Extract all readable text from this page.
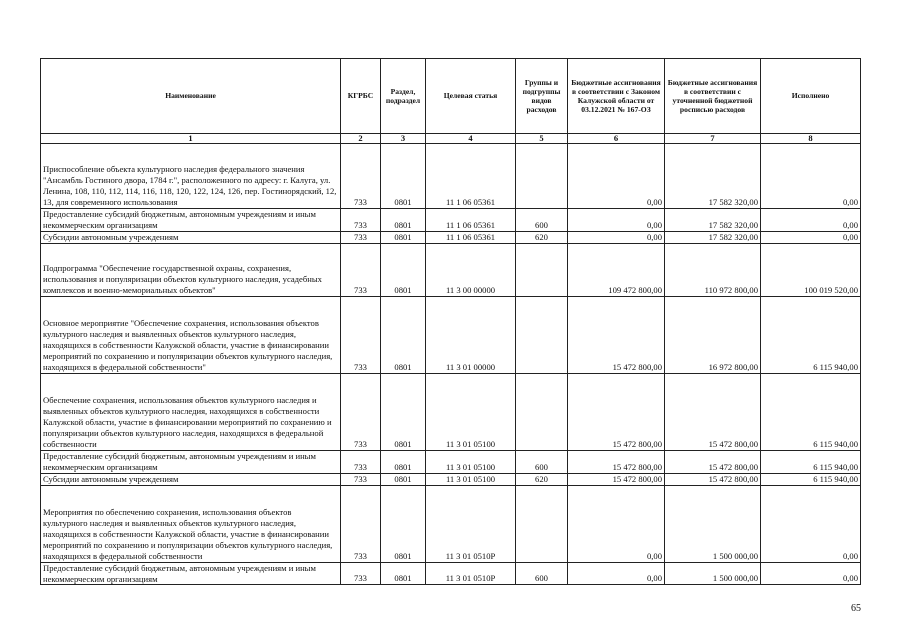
Наименование	КГРБС	Раздел, подраздел	Целевая статья	Группы и подгруппы видов расходов	Бюджетные ассигнования в соответствии с Законом Калужской области от 03.12.2021 № 167-ОЗ	Бюджетные ассигнования в соответствии с уточненной бюджетной росписью расходов	Исполнено
1	2	3	4	5	6	7	8
Приспособление объекта культурного наследия федерального значения "Ансамбль Гостиного двора, 1784 г.", расположенного по адресу: г. Калуга, ул. Ленина, 108, 110, 112, 114, 116, 118, 120, 122, 124, 126, пер. Гостинорядский, 12, 13, для современного использования	733	0801	11 1 06 05361		0,00	17 582 320,00	0,00
Предоставление субсидий бюджетным, автономным учреждениям и иным некоммерческим организациям	733	0801	11 1 06 05361	600	0,00	17 582 320,00	0,00
Субсидии автономным учреждениям	733	0801	11 1 06 05361	620	0,00	17 582 320,00	0,00
Подпрограмма "Обеспечение государственной охраны, сохранения, использования и популяризации объектов культурного наследия, усадебных комплексов и военно-мемориальных объектов"	733	0801	11 3 00 00000		109 472 800,00	110 972 800,00	100 019 520,00
Основное мероприятие "Обеспечение сохранения, использования объектов культурного наследия и выявленных объектов культурного наследия, находящихся в собственности Калужской области, участие в финансировании мероприятий по сохранению и популяризации объектов культурного наследия, находящихся в федеральной собственности"	733	0801	11 3 01 00000		15 472 800,00	16 972 800,00	6 115 940,00
Обеспечение сохранения, использования объектов культурного наследия и выявленных объектов культурного наследия, находящихся в собственности Калужской области, участие в финансировании мероприятий по сохранению и популяризации объектов культурного наследия, находящихся в федеральной собственности	733	0801	11 3 01 05100		15 472 800,00	15 472 800,00	6 115 940,00
Предоставление субсидий бюджетным, автономным учреждениям и иным некоммерческим организациям	733	0801	11 3 01 05100	600	15 472 800,00	15 472 800,00	6 115 940,00
Субсидии автономным учреждениям	733	0801	11 3 01 05100	620	15 472 800,00	15 472 800,00	6 115 940,00
Мероприятия по обеспечению сохранения, использования объектов культурного наследия и выявленных объектов культурного наследия, находящихся в собственности Калужской области, участие в финансировании мероприятий по сохранению и популяризации объектов культурного наследия, находящихся в федеральной собственности	733	0801	11 3 01 0510Р		0,00	1 500 000,00	0,00
Предоставление субсидий бюджетным, автономным учреждениям и иным некоммерческим организациям	733	0801	11 3 01 0510Р	600	0,00	1 500 000,00	0,00
65
